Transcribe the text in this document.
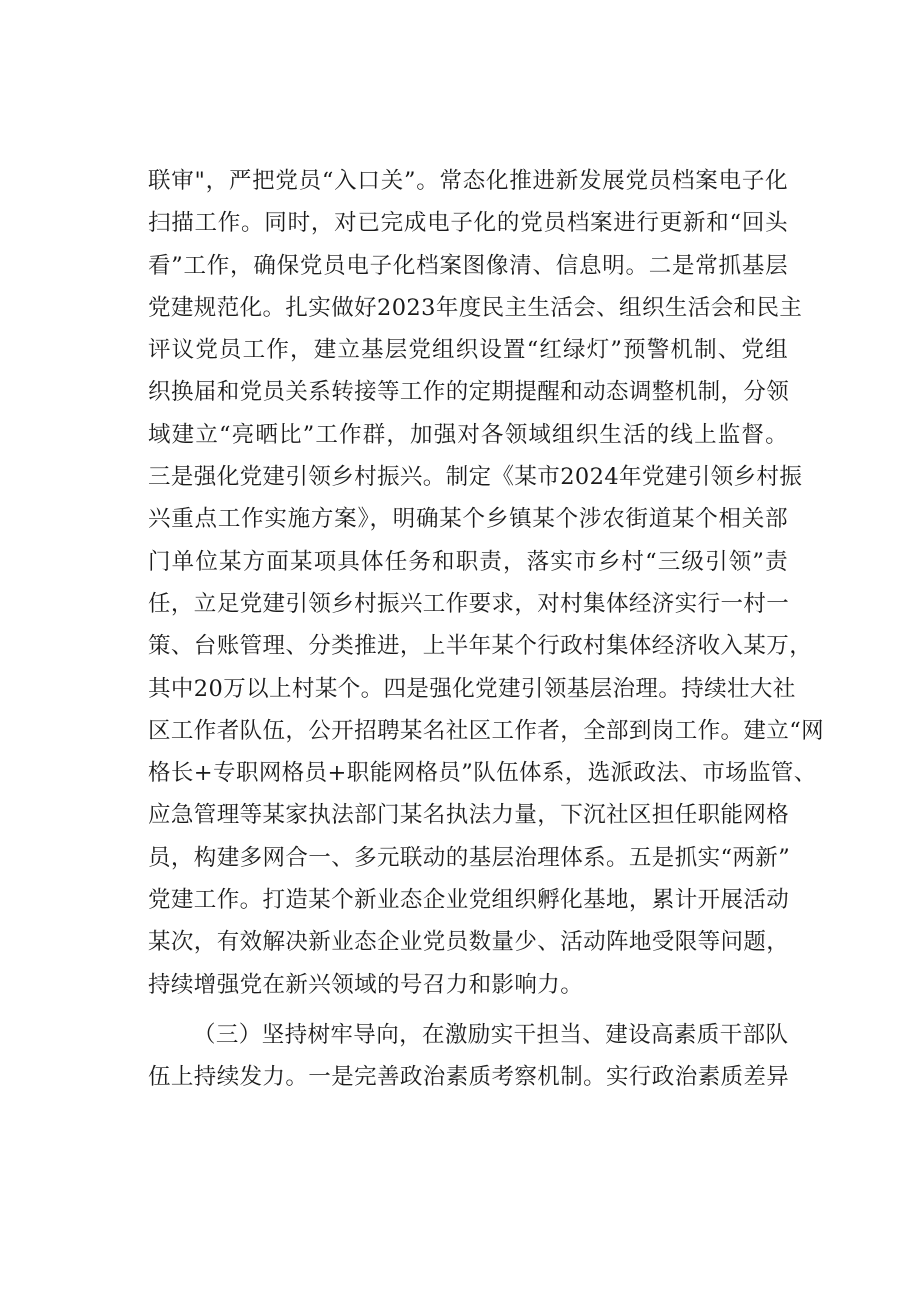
联审"，严把党员“入口关”。常态化推进新发展党员档案电子化
扫描工作。同时，对已完成电子化的党员档案进行更新和“回头
看”工作，确保党员电子化档案图像清、信息明。二是常抓基层
党建规范化。扎实做好2023年度民主生活会、组织生活会和民主
评议党员工作，建立基层党组织设置“红绿灯”预警机制、党组
织换届和党员关系转接等工作的定期提醒和动态调整机制，分领
域建立“亮晒比”工作群，加强对各领域组织生活的线上监督。
三是强化党建引领乡村振兴。制定《某市2024年党建引领乡村振
兴重点工作实施方案》，明确某个乡镇某个涉农街道某个相关部
门单位某方面某项具体任务和职责，落实市乡村“三级引领”责
任，立足党建引领乡村振兴工作要求，对村集体经济实行一村一
策、台账管理、分类推进，上半年某个行政村集体经济收入某万，
其中20万以上村某个。四是强化党建引领基层治理。持续壮大社
区工作者队伍，公开招聘某名社区工作者，全部到岗工作。建立“网
格长+专职网格员+职能网格员”队伍体系，选派政法、市场监管、
应急管理等某家执法部门某名执法力量，下沉社区担任职能网格
员，构建多网合一、多元联动的基层治理体系。五是抓实“两新”
党建工作。打造某个新业态企业党组织孵化基地，累计开展活动
某次，有效解决新业态企业党员数量少、活动阵地受限等问题，
持续增强党在新兴领域的号召力和影响力。
（三）坚持树牢导向，在激励实干担当、建设高素质干部队
伍上持续发力。一是完善政治素质考察机制。实行政治素质差异
